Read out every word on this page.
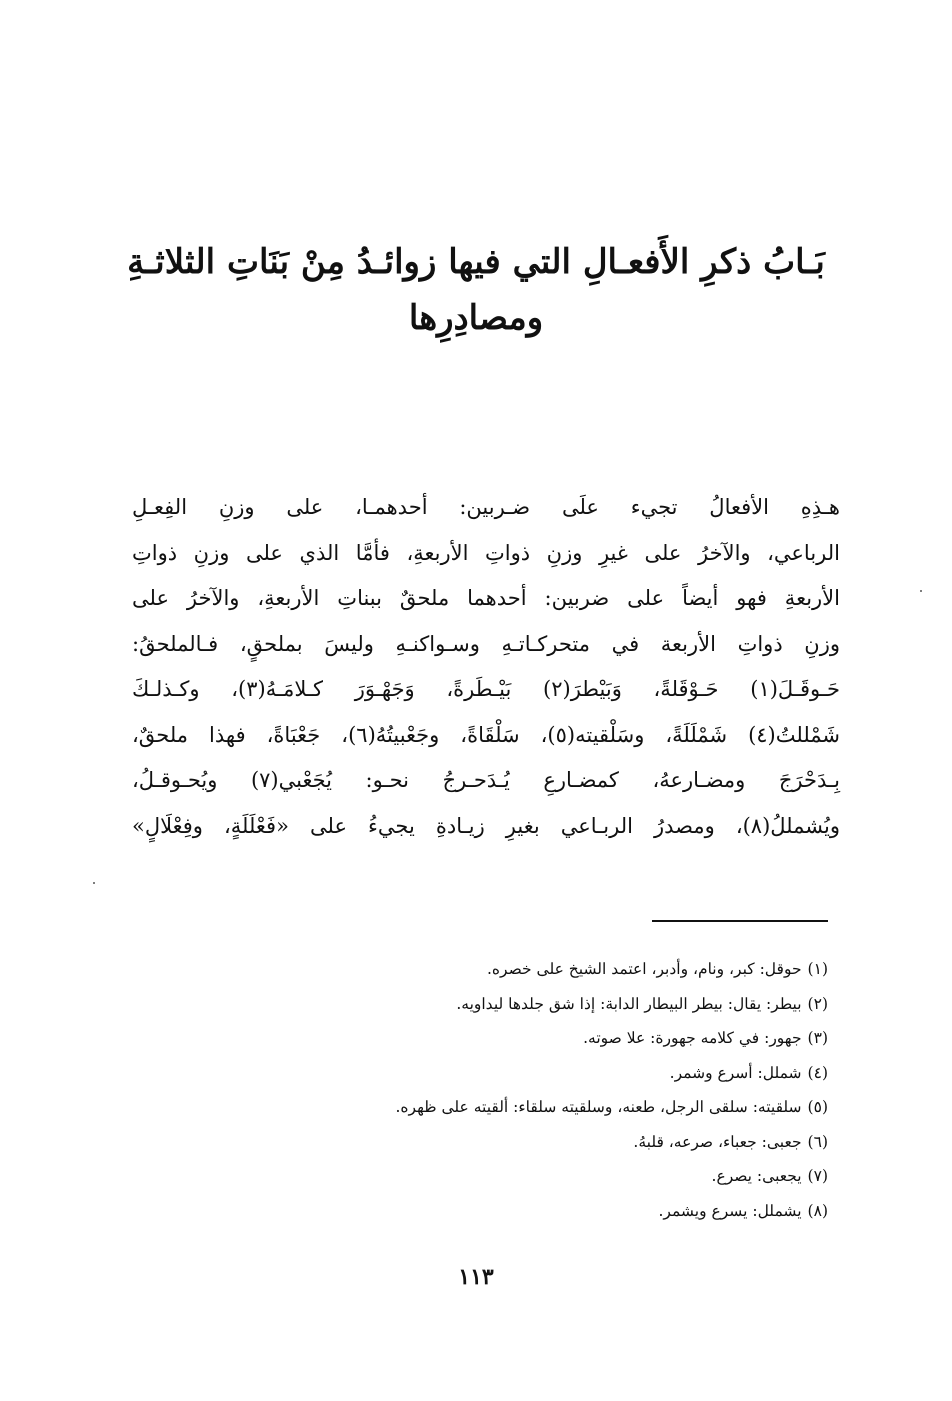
بَـابُ ذكرِ الأَفعـالِ التي فيها زوائـدُ مِنْ بَنَاتِ الثلاثـةِ
ومصادِرِها
هـذِهِ الأفعالُ تجيء علَى ضـربين: أحدهمـا، على وزنِ الفِعـلِ
الرباعي، والآخرُ على غيرِ وزنِ ذواتِ الأربعةِ، فأمَّا الذي على وزنِ ذواتِ
الأربعةِ فهو أيضاً على ضربين: أحدهما ملحقٌ ببناتِ الأربعةِ، والآخرُ على
وزنِ ذواتِ الأربعة في متحركـاتـهِ وسـواكنـهِ وليسَ بملحقٍ، فـالملحقُ:
حَـوقَـلَ(١) حَـوْقَلةً، وَبَيْطرَ(٢) بَيْـطَرةً، وَجَهْـوَرَ كـلامَـهُ(٣)، وكـذلـكَ
شَمْللتُ(٤) شَمْلَلَةً، وسَلْقيته(٥)، سَلْقَاةً، وجَعْبيتُهُ(٦)، جَعْبَاةً، فهذا ملحقٌ،
بِـدَحْرَجَ ومضـارعهُ، كمضـارعِ يُـدَحـرجُ نحـو: يُجَعْبي(٧) ويُحـوقـلُ،
ويُشمللُ(٨)، ومصدرُ الربـاعي بغيرِ زيـادةِ يجيءُ على «فَعْلَلَةٍ، وفِعْلَالٍ»
(١)حوقل: كبر، ونام، وأدبر، اعتمد الشيخ على خصره.
(٢)بيطر: يقال: بيطر البيطار الدابة: إذا شق جلدها ليداويه.
(٣)جهور: في كلامه جهورة: علا صوته.
(٤)شملل: أسرع وشمر.
(٥)سلقيته: سلقى الرجل، طعنه، وسلقيته سلقاء: ألقيته على ظهره.
(٦)جعبى: جعباء، صرعه، قلبهُ.
(٧)يجعبى: يصرع.
(٨)يشملل: يسرع ويشمر.
١١٣
